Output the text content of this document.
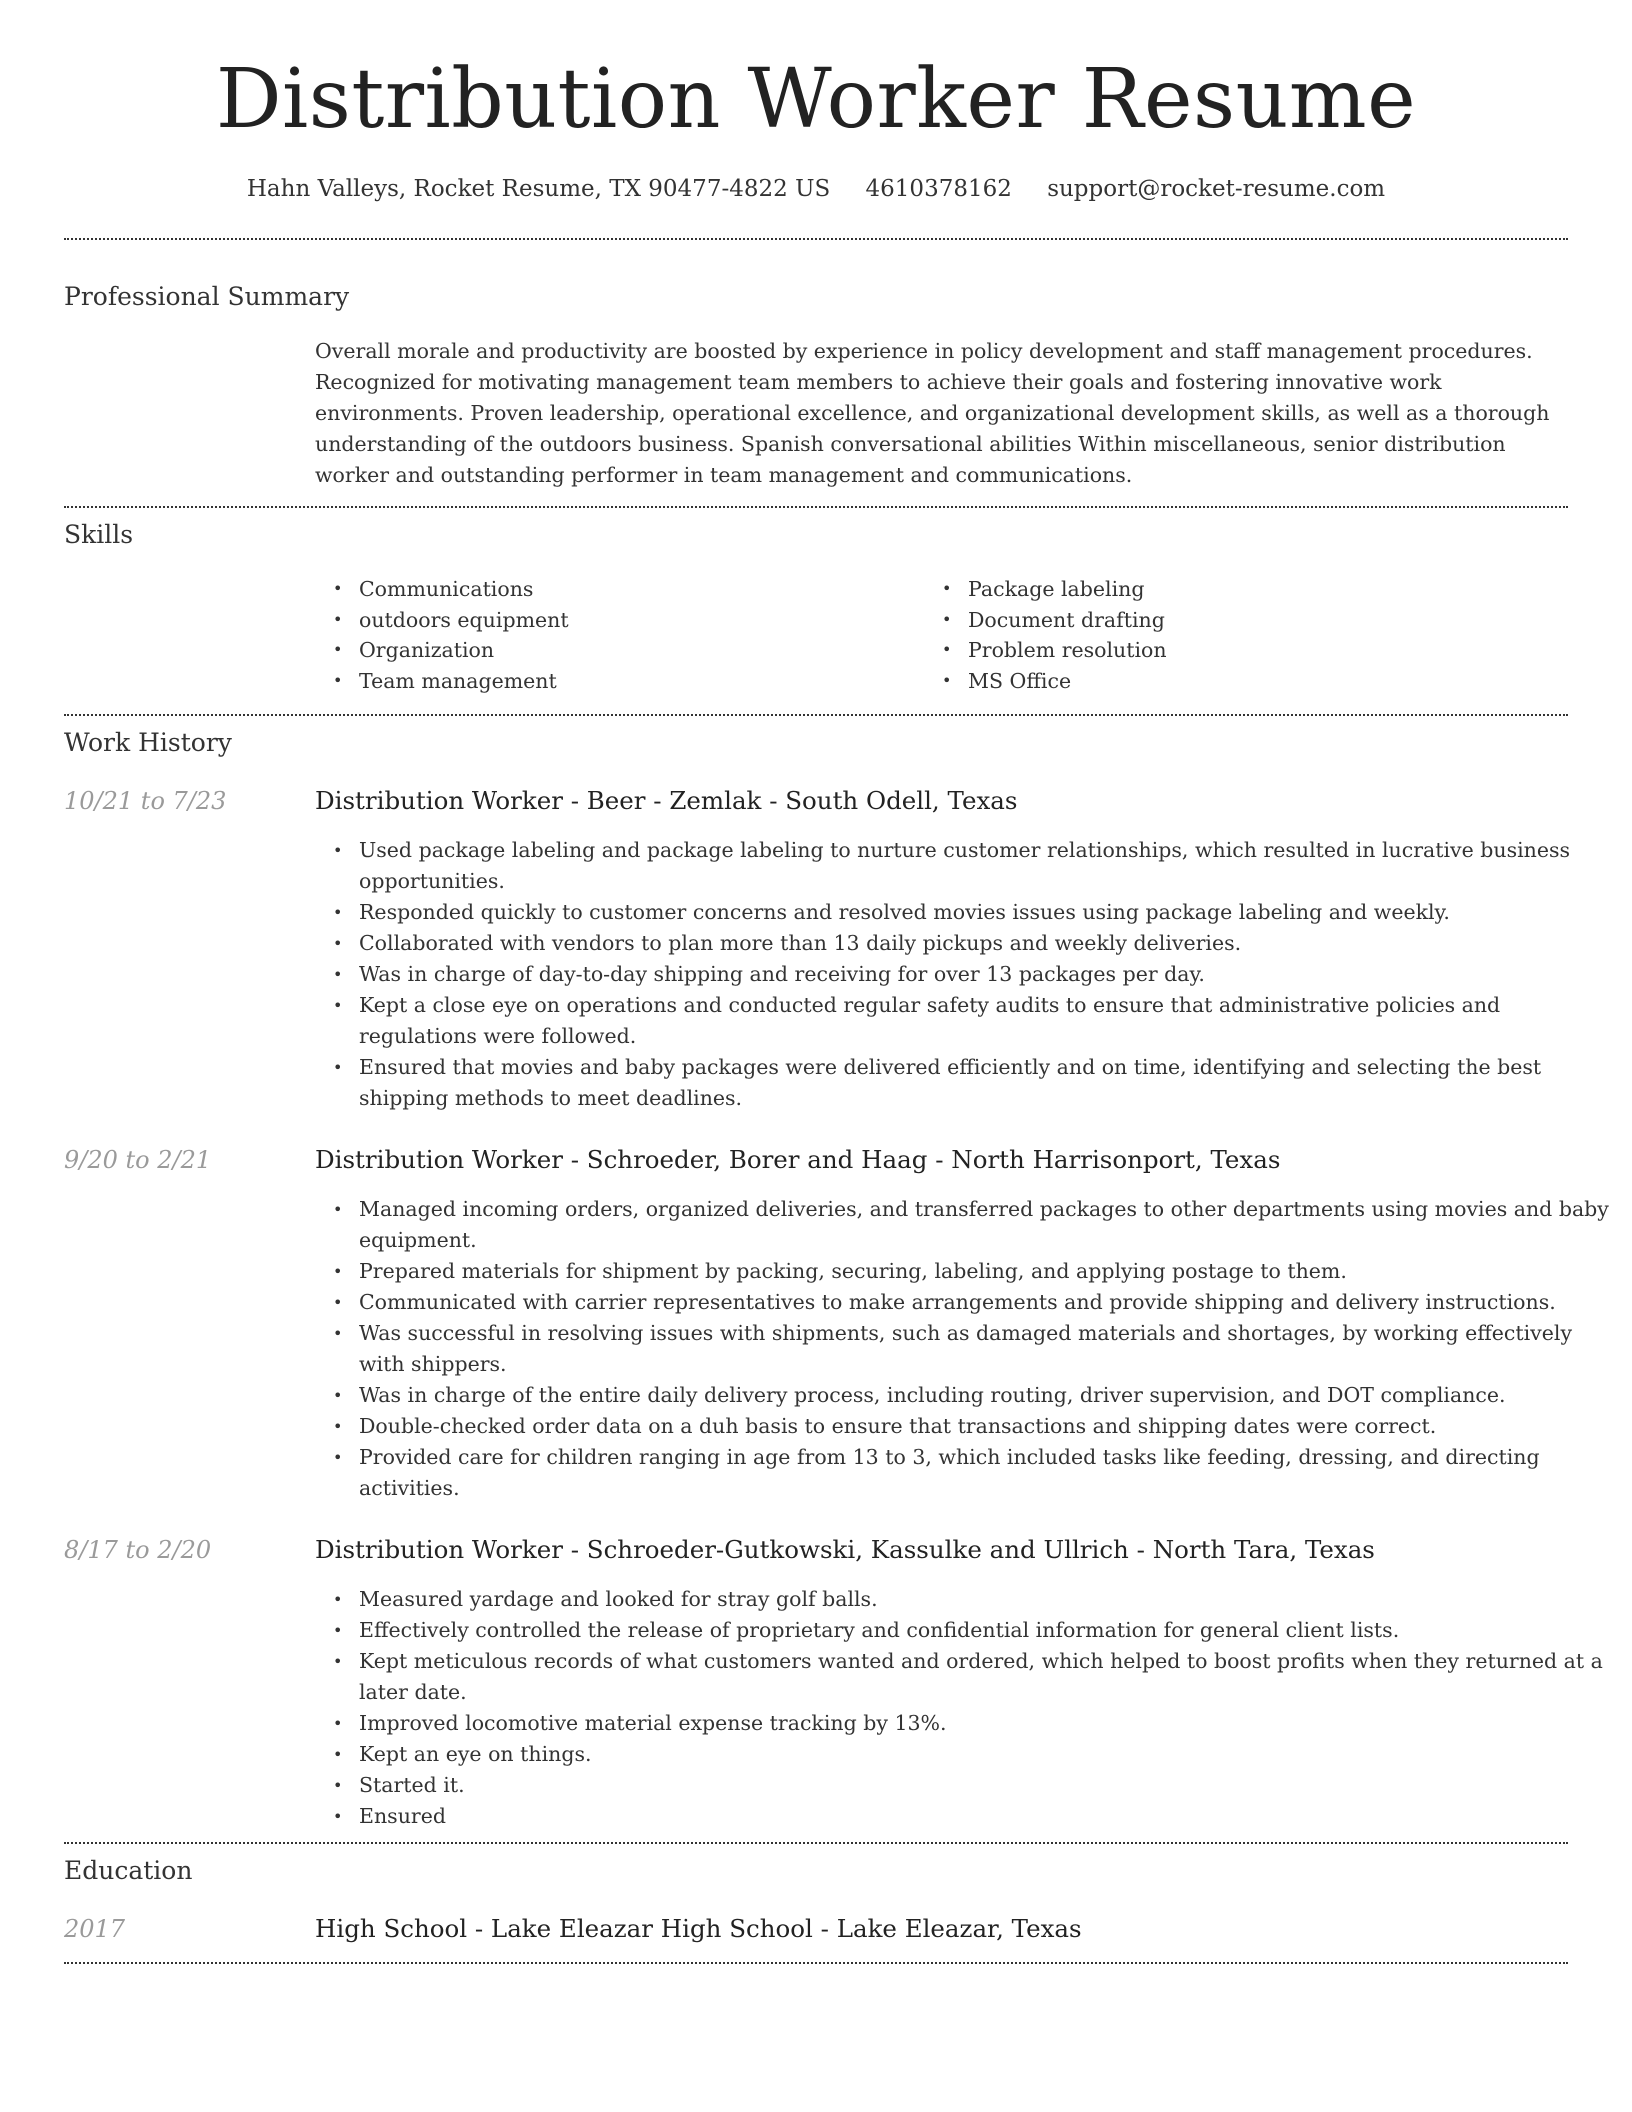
Distribution Worker Resume
Hahn Valleys, Rocket Resume, TX 90477-4822 US 4610378162 support@rocket-resume.com
Professional Summary
Overall morale and productivity are boosted by experience in policy development and staff management procedures. Recognized for motivating management team members to achieve their goals and fostering innovative work environments. Proven leadership, operational excellence, and organizational development skills, as well as a thorough understanding of the outdoors business. Spanish conversational abilities Within miscellaneous, senior distribution worker and outstanding performer in team management and communications.
Skills
• Communications
• outdoors equipment
• Organization
• Team management
• Package labeling
• Document drafting
• Problem resolution
• MS Office
Work History
10/21 to 7/23	Distribution Worker - Beer - Zemlak - South Odell, Texas
• Used package labeling and package labeling to nurture customer relationships, which resulted in lucrative business opportunities.
• Responded quickly to customer concerns and resolved movies issues using package labeling and weekly.
• Collaborated with vendors to plan more than 13 daily pickups and weekly deliveries.
• Was in charge of day-to-day shipping and receiving for over 13 packages per day.
• Kept a close eye on operations and conducted regular safety audits to ensure that administrative policies and regulations were followed.
• Ensured that movies and baby packages were delivered efficiently and on time, identifying and selecting the best shipping methods to meet deadlines.
9/20 to 2/21	Distribution Worker - Schroeder, Borer and Haag - North Harrisonport, Texas
• Managed incoming orders, organized deliveries, and transferred packages to other departments using movies and baby equipment.
• Prepared materials for shipment by packing, securing, labeling, and applying postage to them.
• Communicated with carrier representatives to make arrangements and provide shipping and delivery instructions.
• Was successful in resolving issues with shipments, such as damaged materials and shortages, by working effectively with shippers.
• Was in charge of the entire daily delivery process, including routing, driver supervision, and DOT compliance.
• Double-checked order data on a duh basis to ensure that transactions and shipping dates were correct.
• Provided care for children ranging in age from 13 to 3, which included tasks like feeding, dressing, and directing activities.
8/17 to 2/20	Distribution Worker - Schroeder-Gutkowski, Kassulke and Ullrich - North Tara, Texas
• Measured yardage and looked for stray golf balls.
• Effectively controlled the release of proprietary and confidential information for general client lists.
• Kept meticulous records of what customers wanted and ordered, which helped to boost profits when they returned at a later date.
• Improved locomotive material expense tracking by 13%.
• Kept an eye on things.
• Started it.
• Ensured
Education
2017	High School - Lake Eleazar High School - Lake Eleazar, Texas
